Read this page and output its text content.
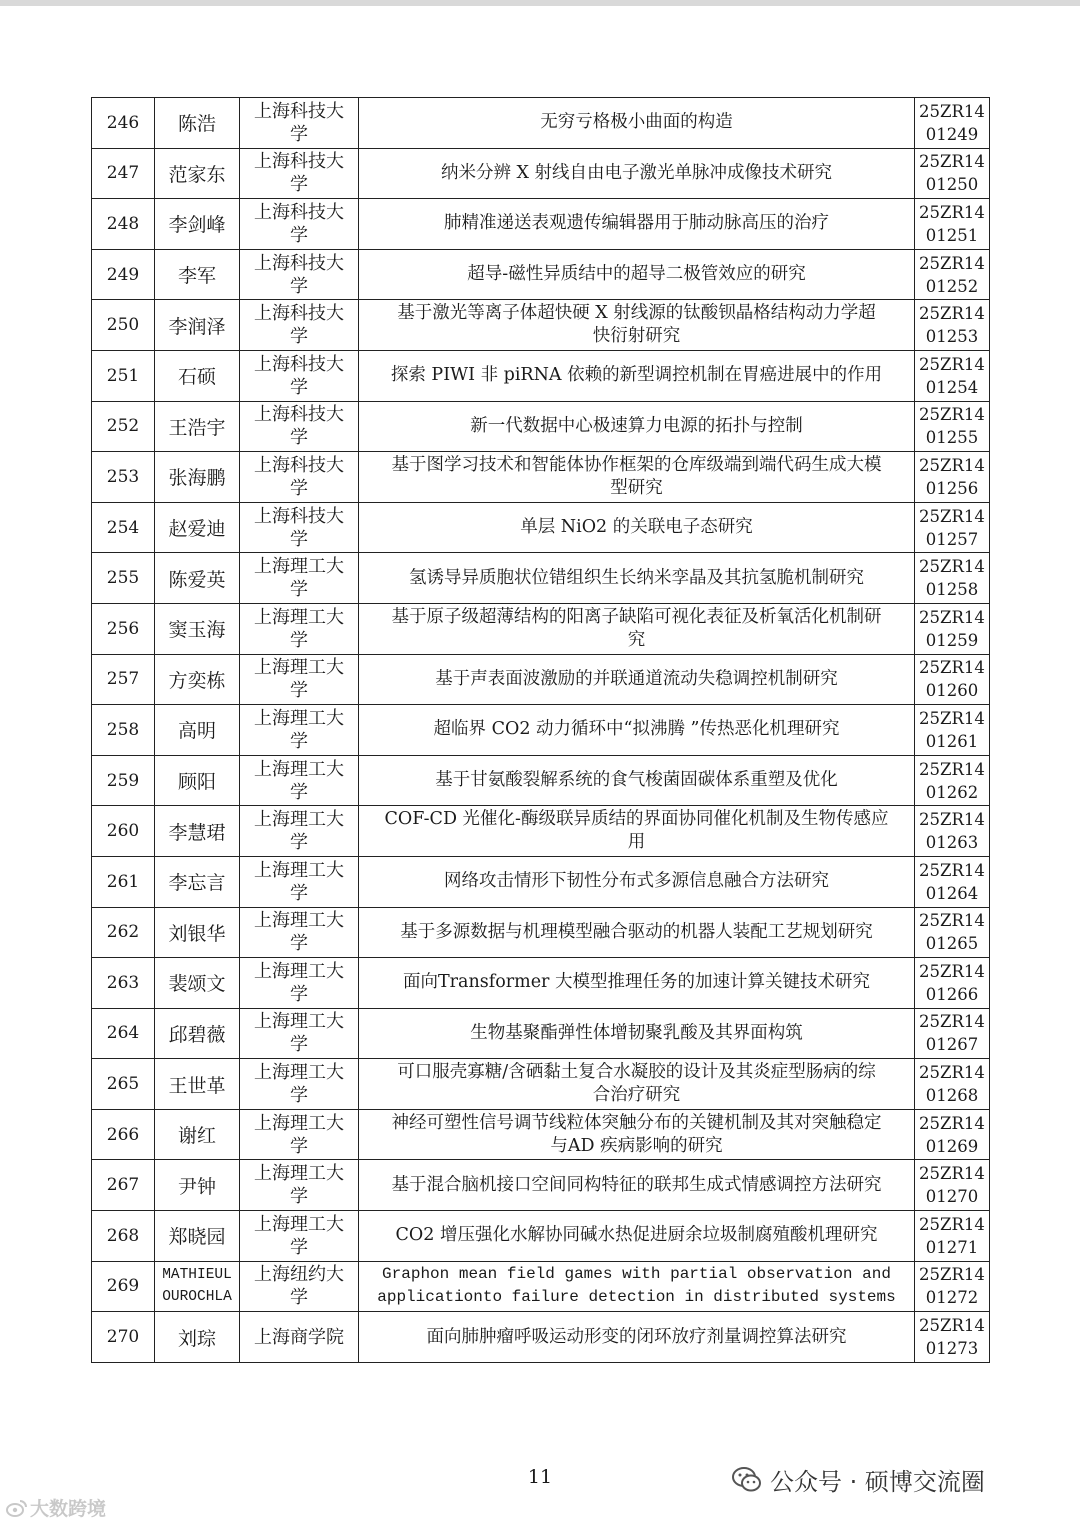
246	陈浩	上海科技大
学	无穷亏格极小曲面的构造	25ZR14
01249
247	范家东	上海科技大
学	纳米分辨 X 射线自由电子激光单脉冲成像技术研究	25ZR14
01250
248	李剑峰	上海科技大
学	肺精准递送表观遗传编辑器用于肺动脉高压的治疗	25ZR14
01251
249	李军	上海科技大
学	超导-磁性异质结中的超导二极管效应的研究	25ZR14
01252
250	李润泽	上海科技大
学	基于激光等离子体超快硬 X 射线源的钛酸钡晶格结构动力学超
快衍射研究	25ZR14
01253
251	石硕	上海科技大
学	探索 PIWI 非 piRNA 依赖的新型调控机制在胃癌进展中的作用	25ZR14
01254
252	王浩宇	上海科技大
学	新一代数据中心极速算力电源的拓扑与控制	25ZR14
01255
253	张海鹏	上海科技大
学	基于图学习技术和智能体协作框架的仓库级端到端代码生成大模
型研究	25ZR14
01256
254	赵爱迪	上海科技大
学	单层 NiO2 的关联电子态研究	25ZR14
01257
255	陈爱英	上海理工大
学	氢诱导异质胞状位错组织生长纳米孪晶及其抗氢脆机制研究	25ZR14
01258
256	窦玉海	上海理工大
学	基于原子级超薄结构的阳离子缺陷可视化表征及析氧活化机制研
究	25ZR14
01259
257	方奕栋	上海理工大
学	基于声表面波激励的并联通道流动失稳调控机制研究	25ZR14
01260
258	高明	上海理工大
学	超临界 CO2 动力循环中“拟沸腾 ”传热恶化机理研究	25ZR14
01261
259	顾阳	上海理工大
学	基于甘氨酸裂解系统的食气梭菌固碳体系重塑及优化	25ZR14
01262
260	李慧珺	上海理工大
学	COF-CD 光催化-酶级联异质结的界面协同催化机制及生物传感应
用	25ZR14
01263
261	李忘言	上海理工大
学	网络攻击情形下韧性分布式多源信息融合方法研究	25ZR14
01264
262	刘银华	上海理工大
学	基于多源数据与机理模型融合驱动的机器人装配工艺规划研究	25ZR14
01265
263	裴颂文	上海理工大
学	面向Transformer 大模型推理任务的加速计算关键技术研究	25ZR14
01266
264	邱碧薇	上海理工大
学	生物基聚酯弹性体增韧聚乳酸及其界面构筑	25ZR14
01267
265	王世革	上海理工大
学	可口服壳寡糖/含硒黏土复合水凝胶的设计及其炎症型肠病的综
合治疗研究	25ZR14
01268
266	谢红	上海理工大
学	神经可塑性信号调节线粒体突触分布的关键机制及其对突触稳定
与AD 疾病影响的研究	25ZR14
01269
267	尹钟	上海理工大
学	基于混合脑机接口空间同构特征的联邦生成式情感调控方法研究	25ZR14
01270
268	郑晓园	上海理工大
学	CO2 增压强化水解协同碱水热促进厨余垃圾制腐殖酸机理研究	25ZR14
01271
269	MATHIEUL
OUROCHLA	上海纽约大
学	Graphon mean field games with partial observation and
applicationto failure detection in distributed systems	25ZR14
01272
270	刘琮	上海商学院	面向肺肿瘤呼吸运动形变的闭环放疗剂量调控算法研究	25ZR14
01273
11
大数跨境
公众号 · 硕博交流圈
